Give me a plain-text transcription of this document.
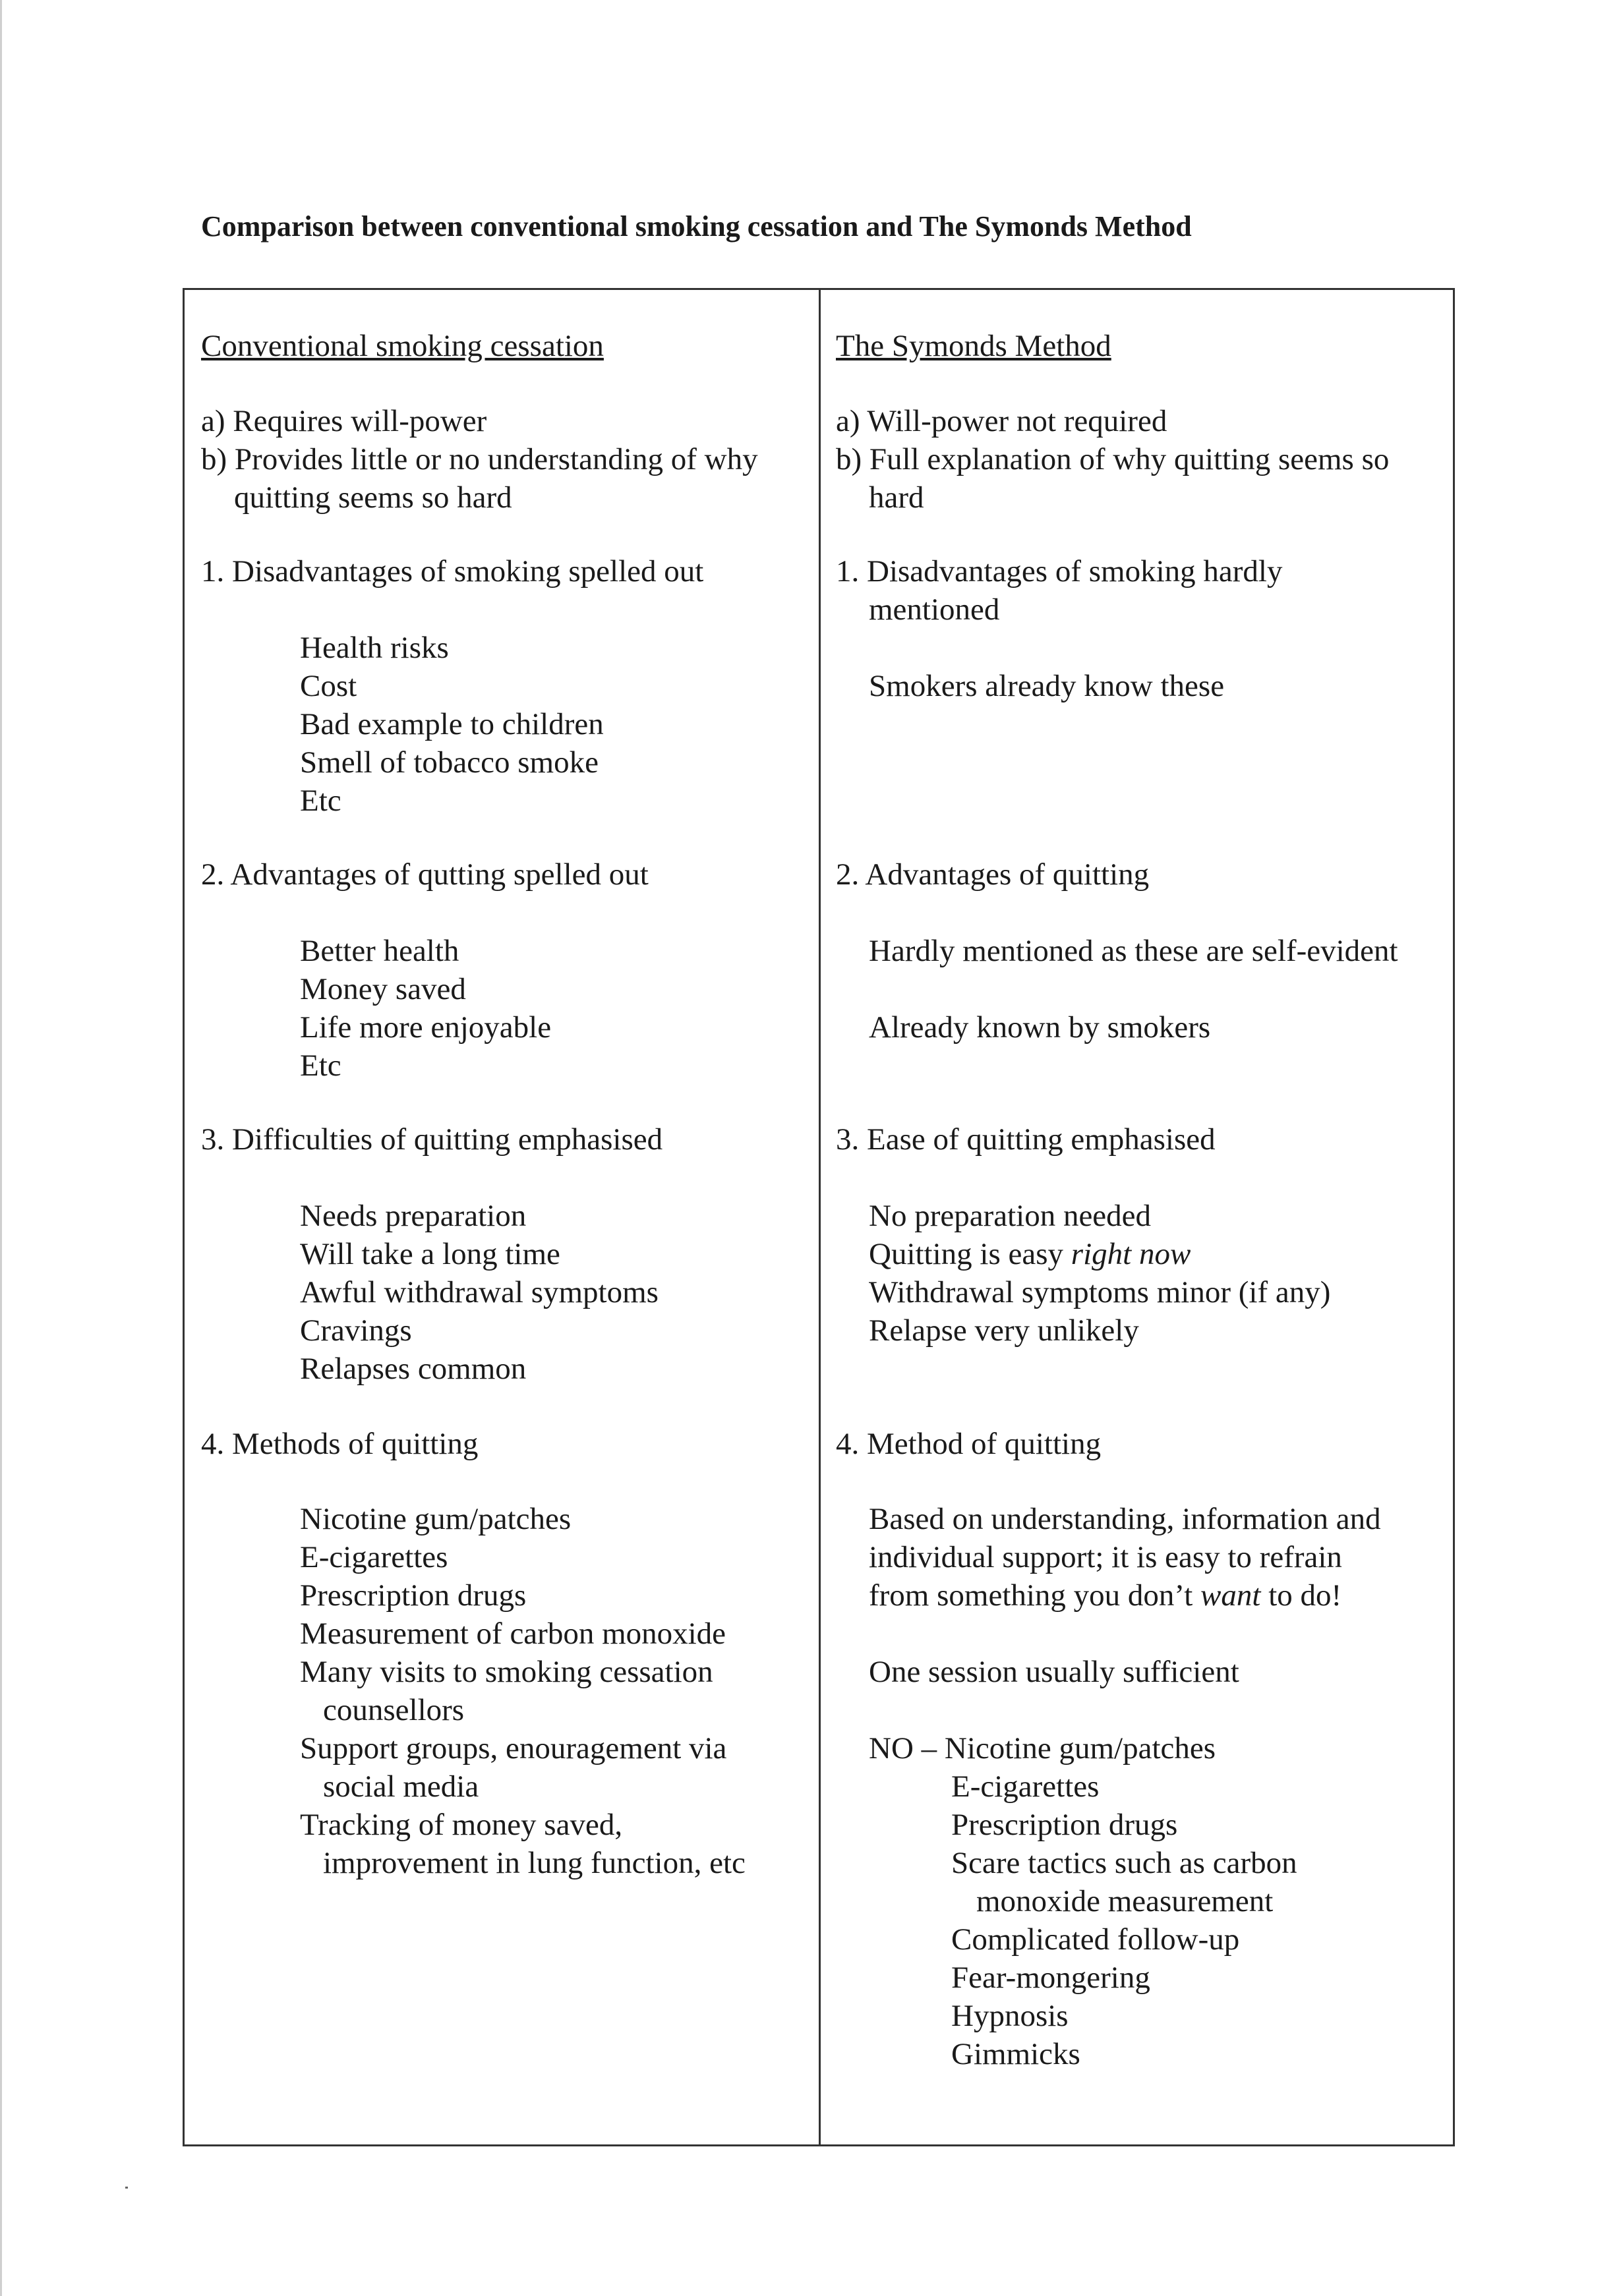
Comparison between conventional smoking cessation and The Symonds Method
Conventional smoking cessation
a) Requires will-power
b) Provides little or no understanding of why
quitting seems so hard
1. Disadvantages of smoking spelled out
Health risks
Cost
Bad example to children
Smell of tobacco smoke
Etc
2. Advantages of qutting spelled out
Better health
Money saved
Life more enjoyable
Etc
3. Difficulties of quitting emphasised
Needs preparation
Will take a long time
Awful withdrawal symptoms
Cravings
Relapses common
4. Methods of quitting
Nicotine gum/patches
E-cigarettes
Prescription drugs
Measurement of carbon monoxide
Many visits to smoking cessation
counsellors
Support groups, enouragement via
social media
Tracking of money saved,
improvement in lung function, etc
The Symonds Method
a) Will-power not required
b) Full explanation of why quitting seems so
hard
1. Disadvantages of smoking hardly
mentioned
Smokers already know these
2. Advantages of quitting
Hardly mentioned as these are self-evident
Already known by smokers
3. Ease of quitting emphasised
No preparation needed
Quitting is easy right now
Withdrawal symptoms minor (if any)
Relapse very unlikely
4. Method of quitting
Based on understanding, information and
individual support; it is easy to refrain
from something you don’t want to do!
One session usually sufficient
NO – Nicotine gum/patches
E-cigarettes
Prescription drugs
Scare tactics such as carbon
monoxide measurement
Complicated follow-up
Fear-mongering
Hypnosis
Gimmicks
